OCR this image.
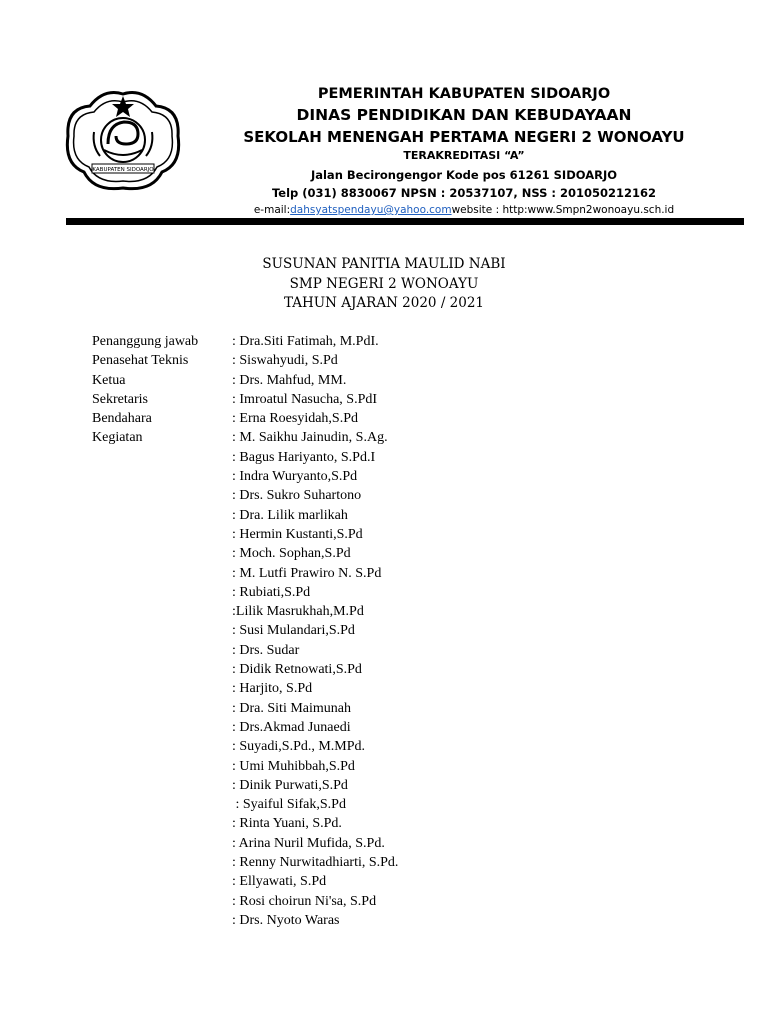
KABUPATEN SIDOARJO
PEMERINTAH KABUPATEN SIDOARJO
DINAS PENDIDIKAN DAN KEBUDAYAAN
SEKOLAH MENENGAH PERTAMA NEGERI 2 WONOAYU
TERAKREDITASI “A”
Jalan Becirongengor Kode pos 61261 SIDOARJO
Telp (031) 8830067 NPSN : 20537107, NSS : 201050212162
e-mail:dahsyatspendayu@yahoo.comwebsite : http:www.Smpn2wonoayu.sch.id
SUSUNAN PANITIA MAULID NABI
SMP NEGERI 2 WONOAYU
TAHUN AJARAN 2020 / 2021
Penanggung jawab	: Dra.Siti Fatimah, M.PdI.
Penasehat Teknis	: Siswahyudi, S.Pd
Ketua	: Drs. Mahfud, MM.
Sekretaris	: Imroatul Nasucha, S.PdI
Bendahara	: Erna Roesyidah,S.Pd
Kegiatan	: M. Saikhu Jainudin, S.Ag.
: Bagus Hariyanto, S.Pd.I
: Indra Wuryanto,S.Pd
: Drs. Sukro Suhartono
: Dra. Lilik marlikah
: Hermin Kustanti,S.Pd
: Moch. Sophan,S.Pd
: M. Lutfi Prawiro N. S.Pd
: Rubiati,S.Pd
:Lilik Masrukhah,M.Pd
: Susi Mulandari,S.Pd
: Drs. Sudar
: Didik Retnowati,S.Pd
: Harjito, S.Pd
: Dra. Siti Maimunah
: Drs.Akmad Junaedi
: Suyadi,S.Pd., M.MPd.
: Umi Muhibbah,S.Pd
: Dinik Purwati,S.Pd
: Syaiful Sifak,S.Pd
: Rinta Yuani, S.Pd.
: Arina Nuril Mufida, S.Pd.
: Renny Nurwitadhiarti, S.Pd.
: Ellyawati, S.Pd
: Rosi choirun Ni'sa, S.Pd
: Drs. Nyoto Waras
